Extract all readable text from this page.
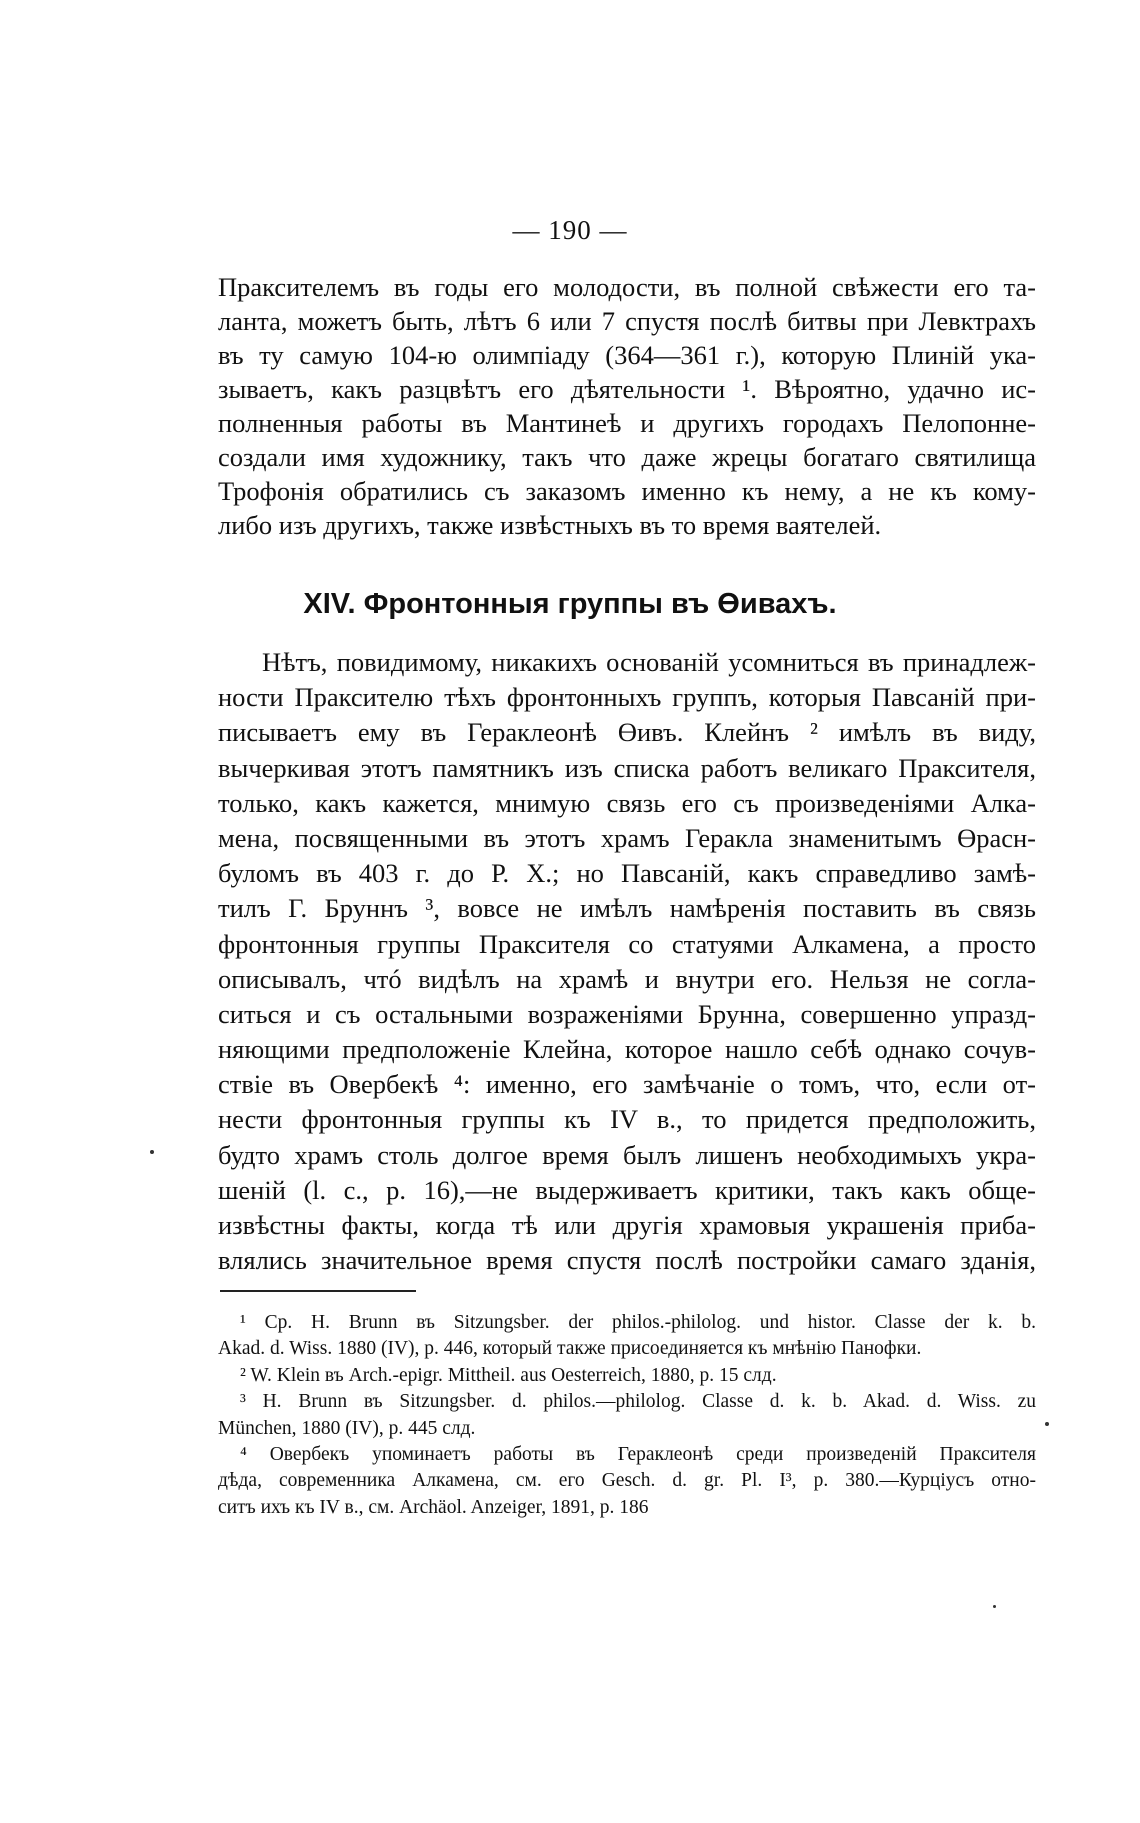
— 190 —
Праксителемъ въ годы его молодости, въ полной свѣжести его та-
ланта, можетъ быть, лѣтъ 6 или 7 спустя послѣ битвы при Левктрахъ
въ ту самую 104-ю олимпіаду (364—361 г.), которую Плиній ука-
зываетъ, какъ разцвѣтъ его дѣятельности ¹. Вѣроятно, удачно ис-
полненныя работы въ Мантинеѣ и другихъ городахъ Пелопонне-
создали имя художнику, такъ что даже жрецы богатаго святилища
Трофонія обратились съ заказомъ именно къ нему, а не къ кому-
либо изъ другихъ, также извѣстныхъ въ то время ваятелей.
XIV. Фронтонныя группы въ Өивахъ.
Нѣтъ, повидимому, никакихъ основаній усомниться въ принадлеж-
ности Праксителю тѣхъ фронтонныхъ группъ, которыя Павсаній при-
писываетъ ему въ Гераклеонѣ Өивъ. Клейнъ ² имѣлъ въ виду,
вычеркивая этотъ памятникъ изъ списка работъ великаго Праксителя,
только, какъ кажется, мнимую связь его съ произведеніями Алка-
мена, посвященными въ этотъ храмъ Геракла знаменитымъ Өрасн-
буломъ въ 403 г. до Р. Х.; но Павсаній, какъ справедливо замѣ-
тилъ Г. Бруннъ ³, вовсе не имѣлъ намѣренія поставить въ связь
фронтонныя группы Праксителя со статуями Алкамена, а просто
описывалъ, чтó видѣлъ на храмѣ и внутри его. Нельзя не согла-
ситься и съ остальными возраженіями Брунна, совершенно упразд-
няющими предположеніе Клейна, которое нашло себѣ однако сочув-
ствіе въ Овербекѣ ⁴: именно, его замѣчаніе о томъ, что, если от-
нести фронтонныя группы къ IV в., то придется предположить,
будто храмъ столь долгое время былъ лишенъ необходимыхъ укра-
шеній (l. c., p. 16),—не выдерживаетъ критики, такъ какъ обще-
извѣстны факты, когда тѣ или другія храмовыя украшенія прибa-
влялись значительное время спустя послѣ постройки самаго зданія,
¹ Ср. H. Brunn въ Sitzungsber. der philos.-philolog. und histor. Classe der k. b.
Akad. d. Wiss. 1880 (IV), p. 446, который также присоединяется къ мнѣнію Панофки.
² W. Klein въ Arch.-epigr. Mittheil. aus Oesterreich, 1880, p. 15 слд.
³ H. Brunn въ Sitzungsber. d. philos.—philolog. Classe d. k. b. Akad. d. Wiss. zu
München, 1880 (IV), p. 445 слд.
⁴ Овербекъ упоминаетъ работы въ Гераклеонѣ среди произведеній Праксителя
дѣда, современника Алкамена, см. его Gesch. d. gr. Pl. I³, p. 380.—Курціусъ отно-
ситъ ихъ къ IV в., см. Archäol. Anzeiger, 1891, p. 186
